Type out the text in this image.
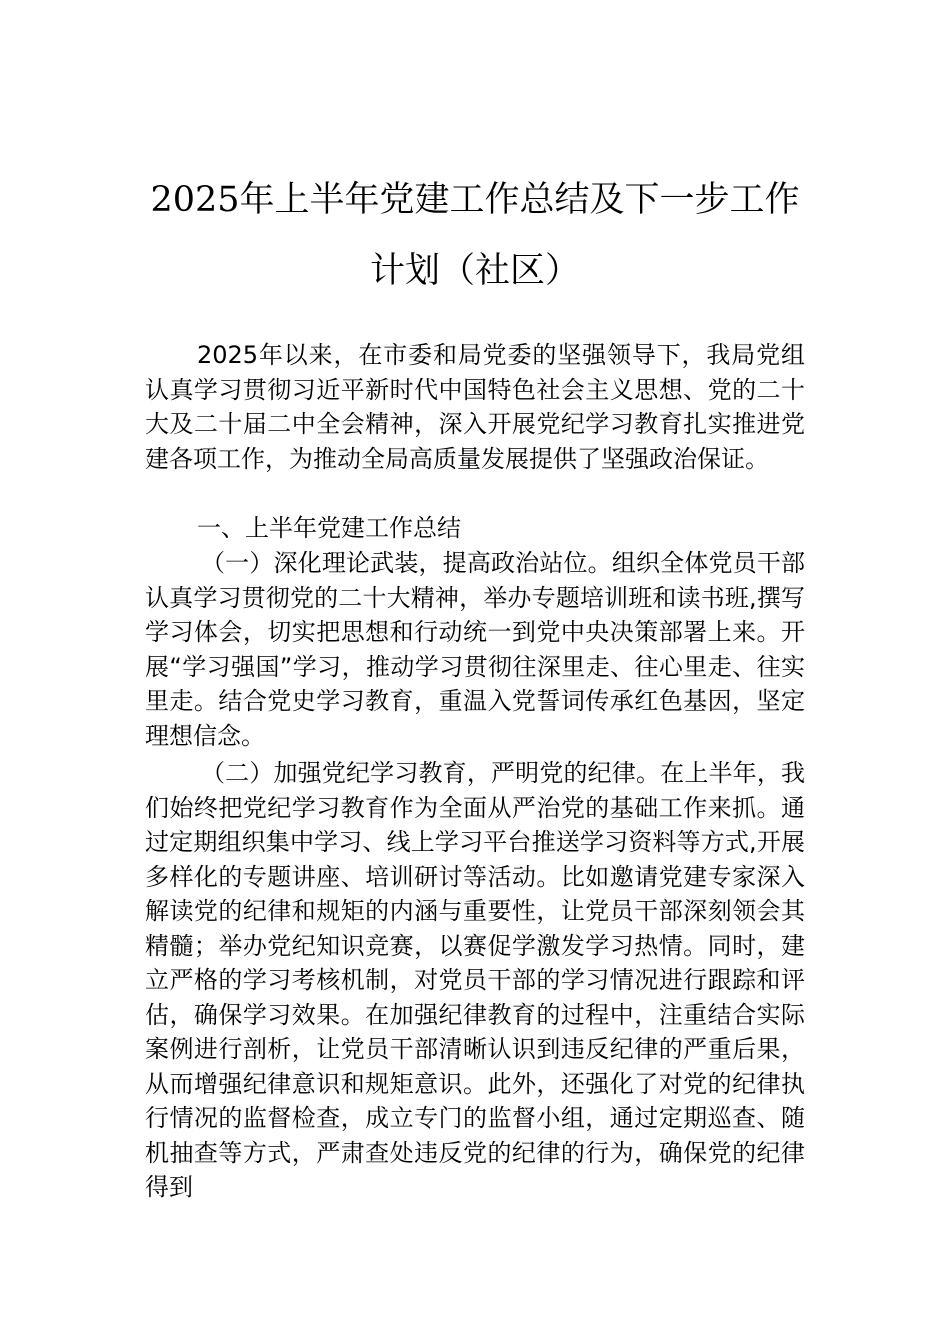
2025年上半年党建工作总结及下一步工作
计划（社区）

2025年以来，在市委和局党委的坚强领导下，我局党组认真学习贯彻习近平新时代中国特色社会主义思想、党的二十大及二十届二中全会精神，深入开展党纪学习教育扎实推进党建各项工作，为推动全局高质量发展提供了坚强政治保证。

一、上半年党建工作总结

（一）深化理论武装，提高政治站位。组织全体党员干部认真学习贯彻党的二十大精神，举办专题培训班和读书班,撰写学习体会，切实把思想和行动统一到党中央决策部署上来。开展“学习强国”学习，推动学习贯彻往深里走、往心里走、往实里走。结合党史学习教育，重温入党誓词传承红色基因，坚定理想信念。

（二）加强党纪学习教育，严明党的纪律。在上半年，我们始终把党纪学习教育作为全面从严治党的基础工作来抓。通过定期组织集中学习、线上学习平台推送学习资料等方式,开展多样化的专题讲座、培训研讨等活动。比如邀请党建专家深入解读党的纪律和规矩的内涵与重要性，让党员干部深刻领会其精髓；举办党纪知识竞赛，以赛促学激发学习热情。同时，建立严格的学习考核机制，对党员干部的学习情况进行跟踪和评估，确保学习效果。在加强纪律教育的过程中，注重结合实际案例进行剖析，让党员干部清晰认识到违反纪律的严重后果，从而增强纪律意识和规矩意识。此外，还强化了对党的纪律执行情况的监督检查，成立专门的监督小组，通过定期巡查、随机抽查等方式，严肃查处违反党的纪律的行为，确保党的纪律得到
